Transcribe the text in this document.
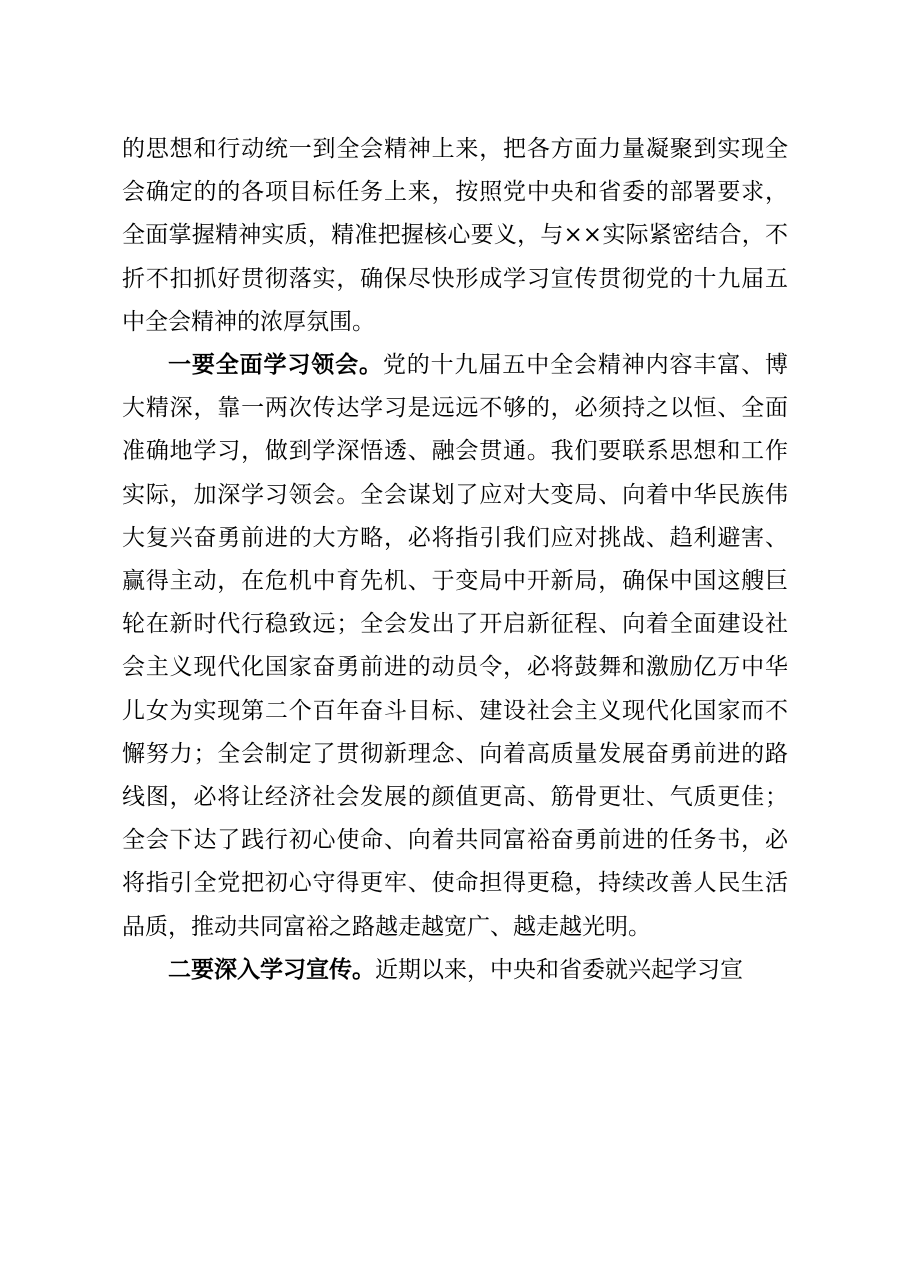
的思想和行动统一到全会精神上来，把各方面力量凝聚到实现全会确定的的各项目标任务上来，按照党中央和省委的部署要求，全面掌握精神实质，精准把握核心要义，与××实际紧密结合，不折不扣抓好贯彻落实，确保尽快形成学习宣传贯彻党的十九届五中全会精神的浓厚氛围。

一要全面学习领会。党的十九届五中全会精神内容丰富、博大精深，靠一两次传达学习是远远不够的，必须持之以恒、全面准确地学习，做到学深悟透、融会贯通。我们要联系思想和工作实际，加深学习领会。全会谋划了应对大变局、向着中华民族伟大复兴奋勇前进的大方略，必将指引我们应对挑战、趋利避害、赢得主动，在危机中育先机、于变局中开新局，确保中国这艘巨轮在新时代行稳致远；全会发出了开启新征程、向着全面建设社会主义现代化国家奋勇前进的动员令，必将鼓舞和激励亿万中华儿女为实现第二个百年奋斗目标、建设社会主义现代化国家而不懈努力；全会制定了贯彻新理念、向着高质量发展奋勇前进的路线图，必将让经济社会发展的颜值更高、筋骨更壮、气质更佳；全会下达了践行初心使命、向着共同富裕奋勇前进的任务书，必将指引全党把初心守得更牢、使命担得更稳，持续改善人民生活品质，推动共同富裕之路越走越宽广、越走越光明。

二要深入学习宣传。近期以来，中央和省委就兴起学习宣
